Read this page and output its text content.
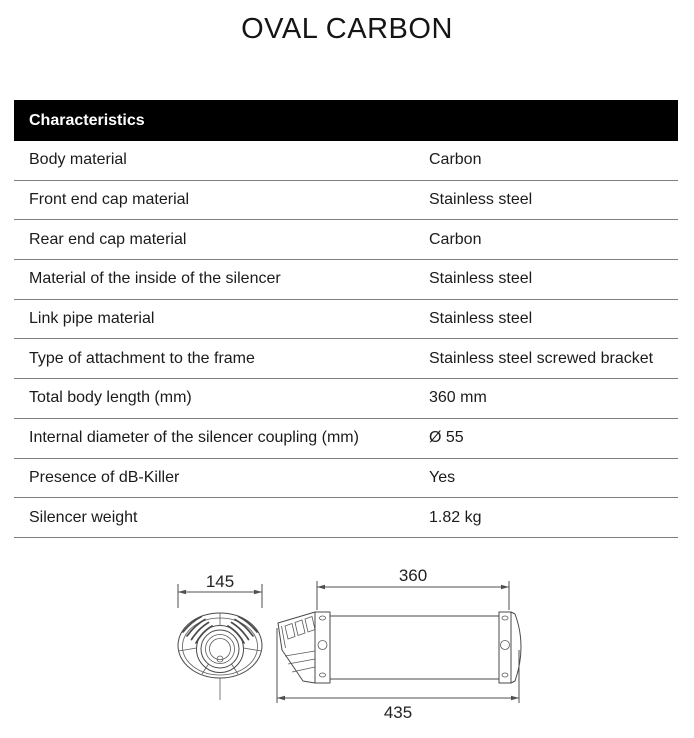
OVAL CARBON
Characteristics
Body material	Carbon
Front end cap material	Stainless steel
Rear end cap material	Carbon
Material of the inside of the silencer	Stainless steel
Link pipe material	Stainless steel
Type of attachment to the frame	Stainless steel screwed bracket
Total body length (mm)	360 mm
Internal diameter of the silencer coupling (mm)	Ø 55
Presence of dB-Killer	Yes
Silencer weight	1.82 kg
145	360
435
